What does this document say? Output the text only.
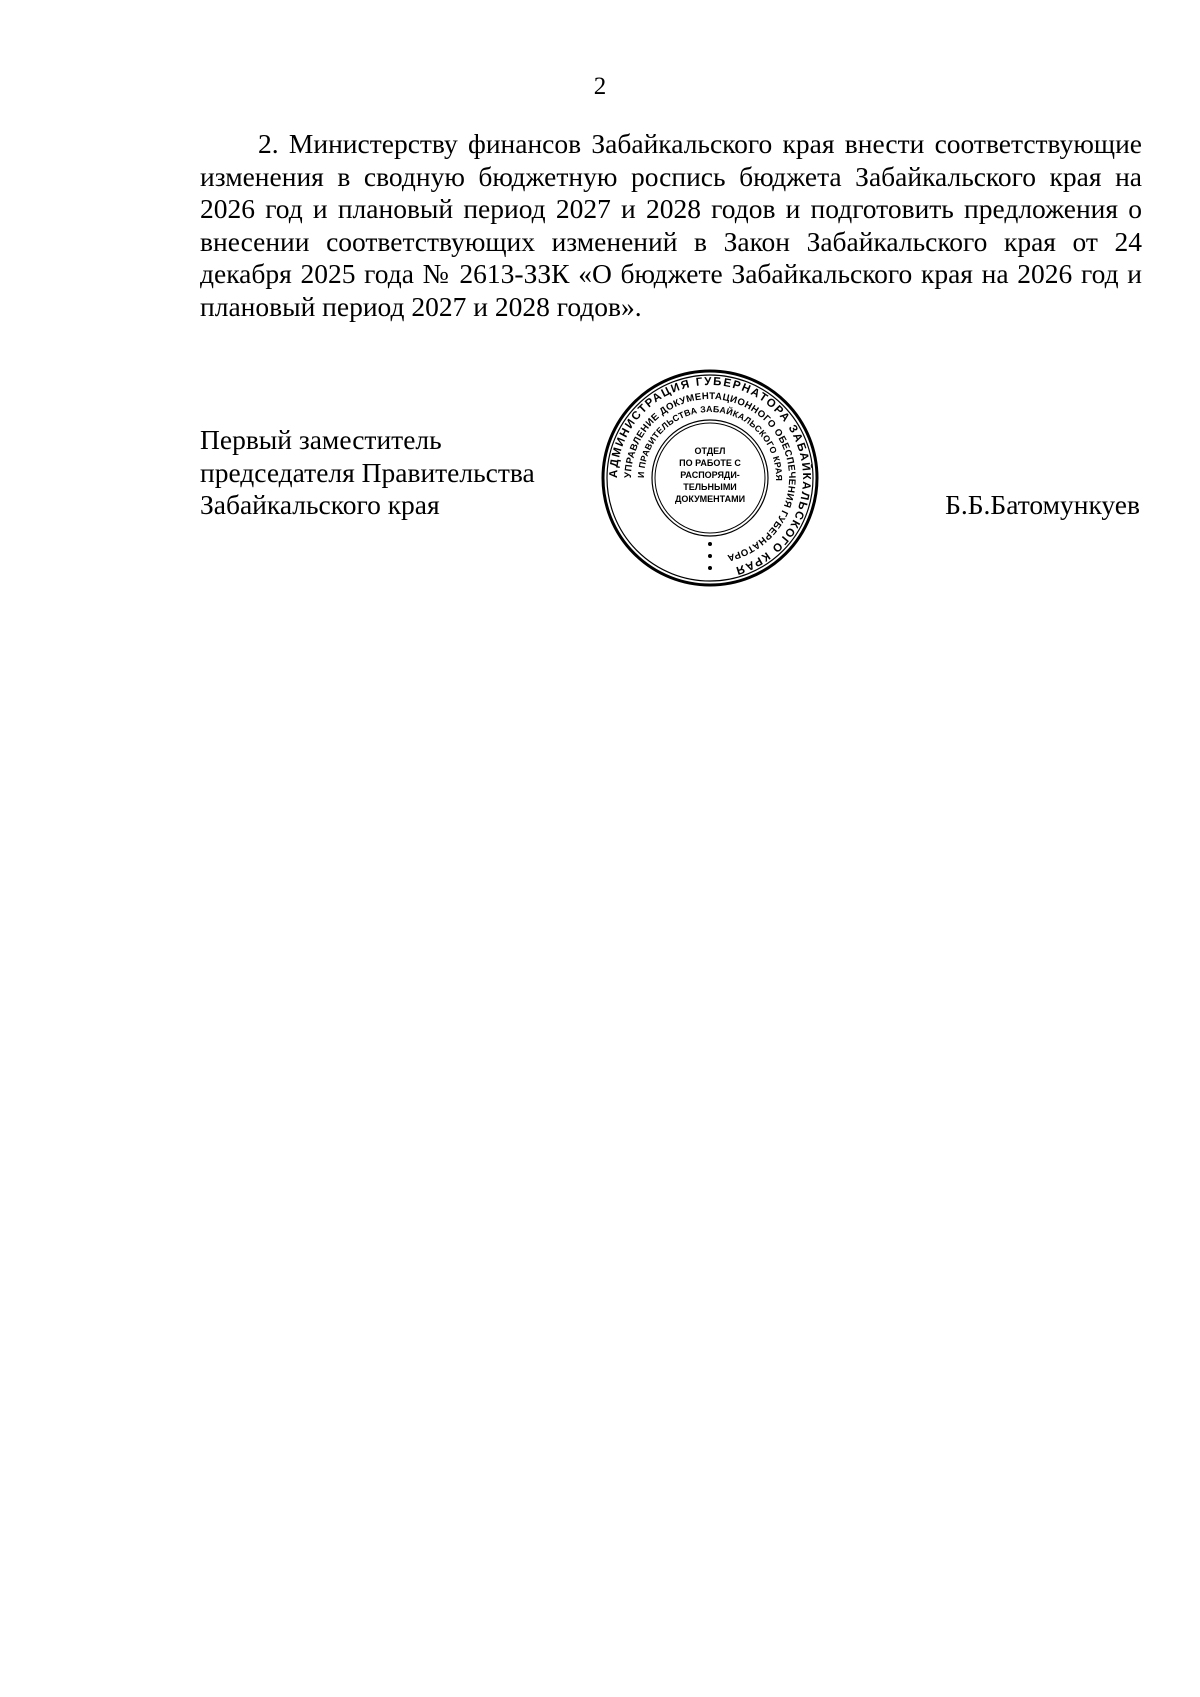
2

2. Министерству финансов Забайкальского края внести соответствующие изменения в сводную бюджетную роспись бюджета Забайкальского края на 2026 год и плановый период 2027 и 2028 годов и подготовить предложения о внесении соответствующих изменений в Закон Забайкальского края от 24 декабря 2025 года № 2613-ЗЗК «О бюджете Забайкальского края на 2026 год и плановый период 2027 и 2028 годов».

Первый заместитель
председателя Правительства
Забайкальского края	Б.Б.Батомункуев
АДМИНИСТРАЦИЯ ГУБЕРНАТОРА ЗАБАЙКАЛЬСКОГО КРАЯ
УПРАВЛЕНИЕ ДОКУМЕНТАЦИОННОГО ОБЕСПЕЧЕНИЯ ГУБЕРНАТОРА
И ПРАВИТЕЛЬСТВА ЗАБАЙКАЛЬСКОГО КРАЯ
ОТДЕЛ
ПО РАБОТЕ С
РАСПОРЯДИ-
ТЕЛЬНЫМИ
ДОКУМЕНТАМИ
